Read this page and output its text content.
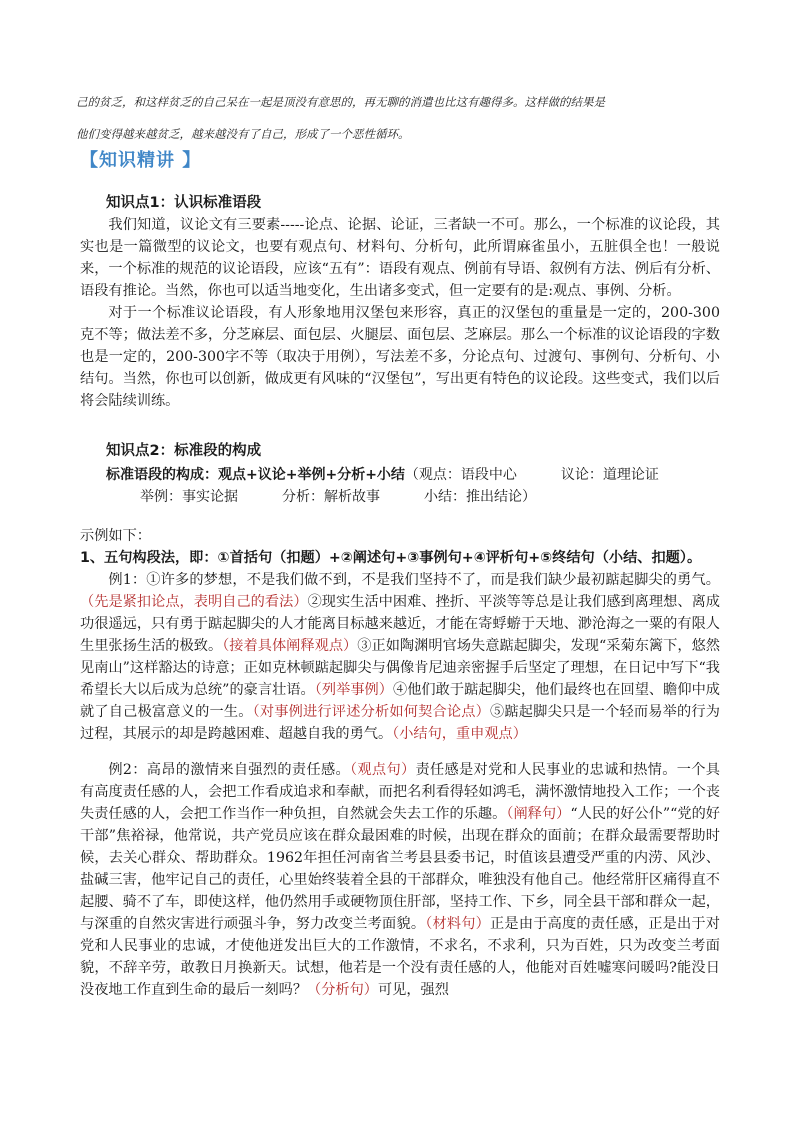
己的贫乏，和这样贫乏的自己呆在一起是顶没有意思的，再无聊的消遣也比这有趣得多。这样做的结果是
他们变得越来越贫乏，越来越没有了自己，形成了一个恶性循环。
【知识精讲 】
知识点1：认识标准语段

我们知道，议论文有三要素-----论点、论据、论证，三者缺一不可。那么，一个标准的议论段，其实也是一篇微型的议论文，也要有观点句、材料句、分析句，此所谓麻雀虽小，五脏俱全也！一般说来，一个标准的规范的议论语段，应该“五有”：语段有观点、例前有导语、叙例有方法、例后有分析、语段有推论。当然，你也可以适当地变化，生出诸多变式，但一定要有的是:观点、事例、分析。

对于一个标准议论语段，有人形象地用汉堡包来形容，真正的汉堡包的重量是一定的，200-300克不等；做法差不多，分芝麻层、面包层、火腿层、面包层、芝麻层。那么一个标准的议论语段的字数也是一定的，200-300字不等（取决于用例），写法差不多，分论点句、过渡句、事例句、分析句、小结句。当然，你也可以创新，做成更有风味的“汉堡包”，写出更有特色的议论段。这些变式，我们以后将会陆续训练。

知识点2：标准段的构成
标准语段的构成：观点+议论+举例+分析+小结（观点：语段中心	议论：道理论证
举例：事实论据	分析：解析故事	小结：推出结论）
示例如下：
1、五句构段法，即：①首括句（扣题）+②阐述句+③事例句+④评析句+⑤终结句（小结、扣题）。

例1：①许多的梦想，不是我们做不到，不是我们坚持不了，而是我们缺少最初踮起脚尖的勇气。（先是紧扣论点，表明自己的看法）②现实生活中困难、挫折、平淡等等总是让我们感到离理想、离成功很遥远，只有勇于踮起脚尖的人才能离目标越来越近，才能在寄蜉蝣于天地、渺沧海之一粟的有限人生里张扬生活的极致。（接着具体阐释观点）③正如陶渊明官场失意踮起脚尖，发现“采菊东篱下，悠然见南山”这样豁达的诗意；正如克林顿踮起脚尖与偶像肯尼迪亲密握手后坚定了理想，在日记中写下“我希望长大以后成为总统”的豪言壮语。（列举事例）④他们敢于踮起脚尖，他们最终也在回望、瞻仰中成就了自己极富意义的一生。（对事例进行评述分析如何契合论点）⑤踮起脚尖只是一个轻而易举的行为过程，其展示的却是跨越困难、超越自我的勇气。（小结句，重申观点）

例2：高昂的激情来自强烈的责任感。（观点句）责任感是对党和人民事业的忠诚和热情。一个具有高度责任感的人，会把工作看成追求和奉献，而把名利看得轻如鸿毛，满怀激情地投入工作；一个丧失责任感的人，会把工作当作一种负担，自然就会失去工作的乐趣。（阐释句）“人民的好公仆”“党的好干部”焦裕禄，他常说，共产党员应该在群众最困难的时候，出现在群众的面前；在群众最需要帮助时候，去关心群众、帮助群众。1962年担任河南省兰考县县委书记，时值该县遭受严重的内涝、风沙、盐碱三害，他牢记自己的责任，心里始终装着全县的干部群众，唯独没有他自己。他经常肝区痛得直不起腰、骑不了车，即使这样，他仍然用手或硬物顶住肝部，坚持工作、下乡，同全县干部和群众一起，与深重的自然灾害进行顽强斗争，努力改变兰考面貌。（材料句）正是由于高度的责任感，正是出于对党和人民事业的忠诚，才使他迸发出巨大的工作激情，不求名，不求利，只为百姓，只为改变兰考面貌，不辞辛劳，敢教日月换新天。试想，他若是一个没有责任感的人，他能对百姓嘘寒问暖吗?能没日没夜地工作直到生命的最后一刻吗？（分析句）可见，强烈
